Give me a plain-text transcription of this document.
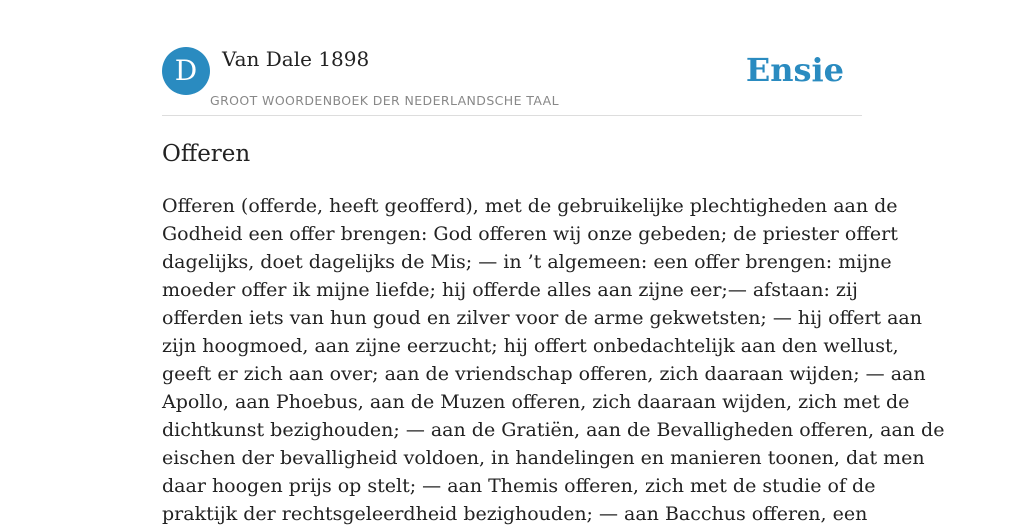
D	Van Dale 1898
GROOT WOORDENBOEK DER NEDERLANDSCHE TAAL
Ensie
Offeren

Offeren (offerde, heeft geofferd), met de gebruikelijke plechtigheden aan de
Godheid een offer brengen: God offeren wij onze gebeden; de priester offert
dagelijks, doet dagelijks de Mis; — in ’t algemeen: een offer brengen: mijne
moeder offer ik mijne liefde; hij offerde alles aan zijne eer;— afstaan: zij
offerden iets van hun goud en zilver voor de arme gekwetsten; — hij offert aan
zijn hoogmoed, aan zijne eerzucht; hij offert onbedachtelijk aan den wellust,
geeft er zich aan over; aan de vriendschap offeren, zich daaraan wijden; — aan
Apollo, aan Phoebus, aan de Muzen offeren, zich daaraan wijden, zich met de
dichtkunst bezighouden; — aan de Gratiën, aan de Bevalligheden offeren, aan de
eischen der bevalligheid voldoen, in handelingen en manieren toonen, dat men
daar hoogen prijs op stelt; — aan Themis offeren, zich met de studie of de
praktijk der rechtsgeleerdheid bezighouden; — aan Bacchus offeren, een
